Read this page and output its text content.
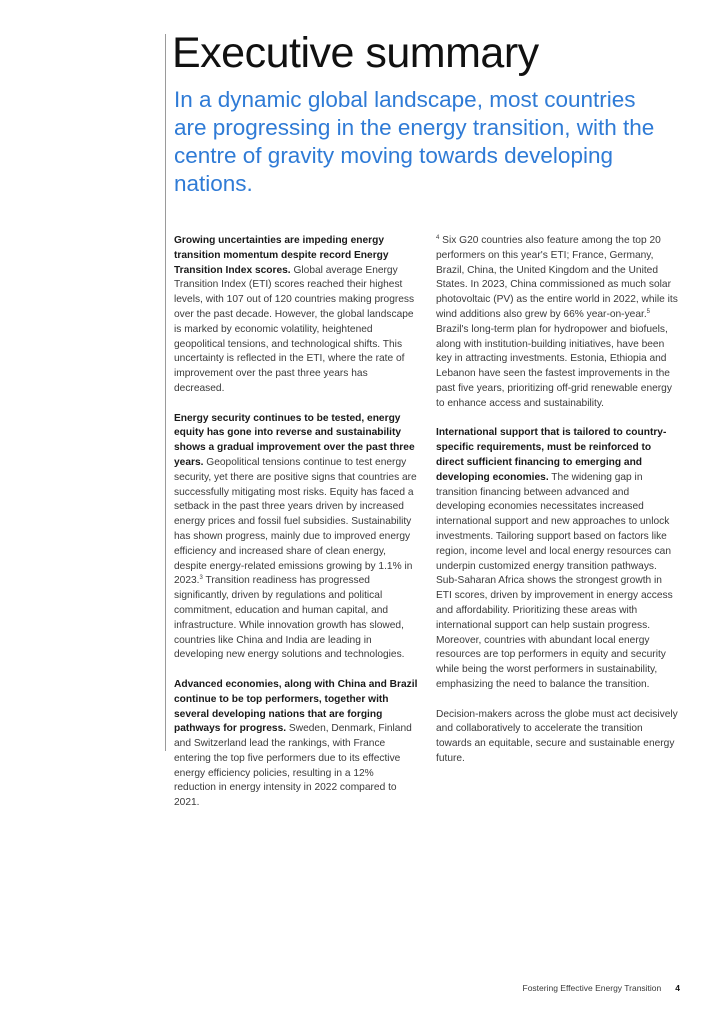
Executive summary
In a dynamic global landscape, most countries are progressing in the energy transition, with the centre of gravity moving towards developing nations.

Growing uncertainties are impeding energy transition momentum despite record Energy Transition Index scores. Global average Energy Transition Index (ETI) scores reached their highest levels, with 107 out of 120 countries making progress over the past decade. However, the global landscape is marked by economic volatility, heightened geopolitical tensions, and technological shifts. This uncertainty is reflected in the ETI, where the rate of improvement over the past three years has decreased.

Energy security continues to be tested, energy equity has gone into reverse and sustainability shows a gradual improvement over the past three years. Geopolitical tensions continue to test energy security, yet there are positive signs that countries are successfully mitigating most risks. Equity has faced a setback in the past three years driven by increased energy prices and fossil fuel subsidies. Sustainability has shown progress, mainly due to improved energy efficiency and increased share of clean energy, despite energy-related emissions growing by 1.1% in 2023.$^3$ Transition readiness has progressed significantly, driven by regulations and political commitment, education and human capital, and infrastructure. While innovation growth has slowed, countries like China and India are leading in developing new energy solutions and technologies.

Advanced economies, along with China and Brazil continue to be top performers, together with several developing nations that are forging pathways for progress. Sweden, Denmark, Finland and Switzerland lead the rankings, with France entering the top five performers due to its effective energy efficiency policies, resulting in a 12% reduction in energy intensity in 2022 compared to 2021.

$^4$ Six G20 countries also feature among the top 20 performers on this year's ETI; France, Germany, Brazil, China, the United Kingdom and the United States. In 2023, China commissioned as much solar photovoltaic (PV) as the entire world in 2022, while its wind additions also grew by 66% year-on-year.$^5$ Brazil's long-term plan for hydropower and biofuels, along with institution-building initiatives, have been key in attracting investments. Estonia, Ethiopia and Lebanon have seen the fastest improvements in the past five years, prioritizing off-grid renewable energy to enhance access and sustainability.

International support that is tailored to country-specific requirements, must be reinforced to direct sufficient financing to emerging and developing economies. The widening gap in transition financing between advanced and developing economies necessitates increased international support and new approaches to unlock investments. Tailoring support based on factors like region, income level and local energy resources can underpin customized energy transition pathways. Sub-Saharan Africa shows the strongest growth in ETI scores, driven by improvement in energy access and affordability. Prioritizing these areas with international support can help sustain progress. Moreover, countries with abundant local energy resources are top performers in equity and security while being the worst performers in sustainability, emphasizing the need to balance the transition.

Decision-makers across the globe must act decisively and collaboratively to accelerate the transition towards an equitable, secure and sustainable energy future.

Fostering Effective Energy Transition 4
